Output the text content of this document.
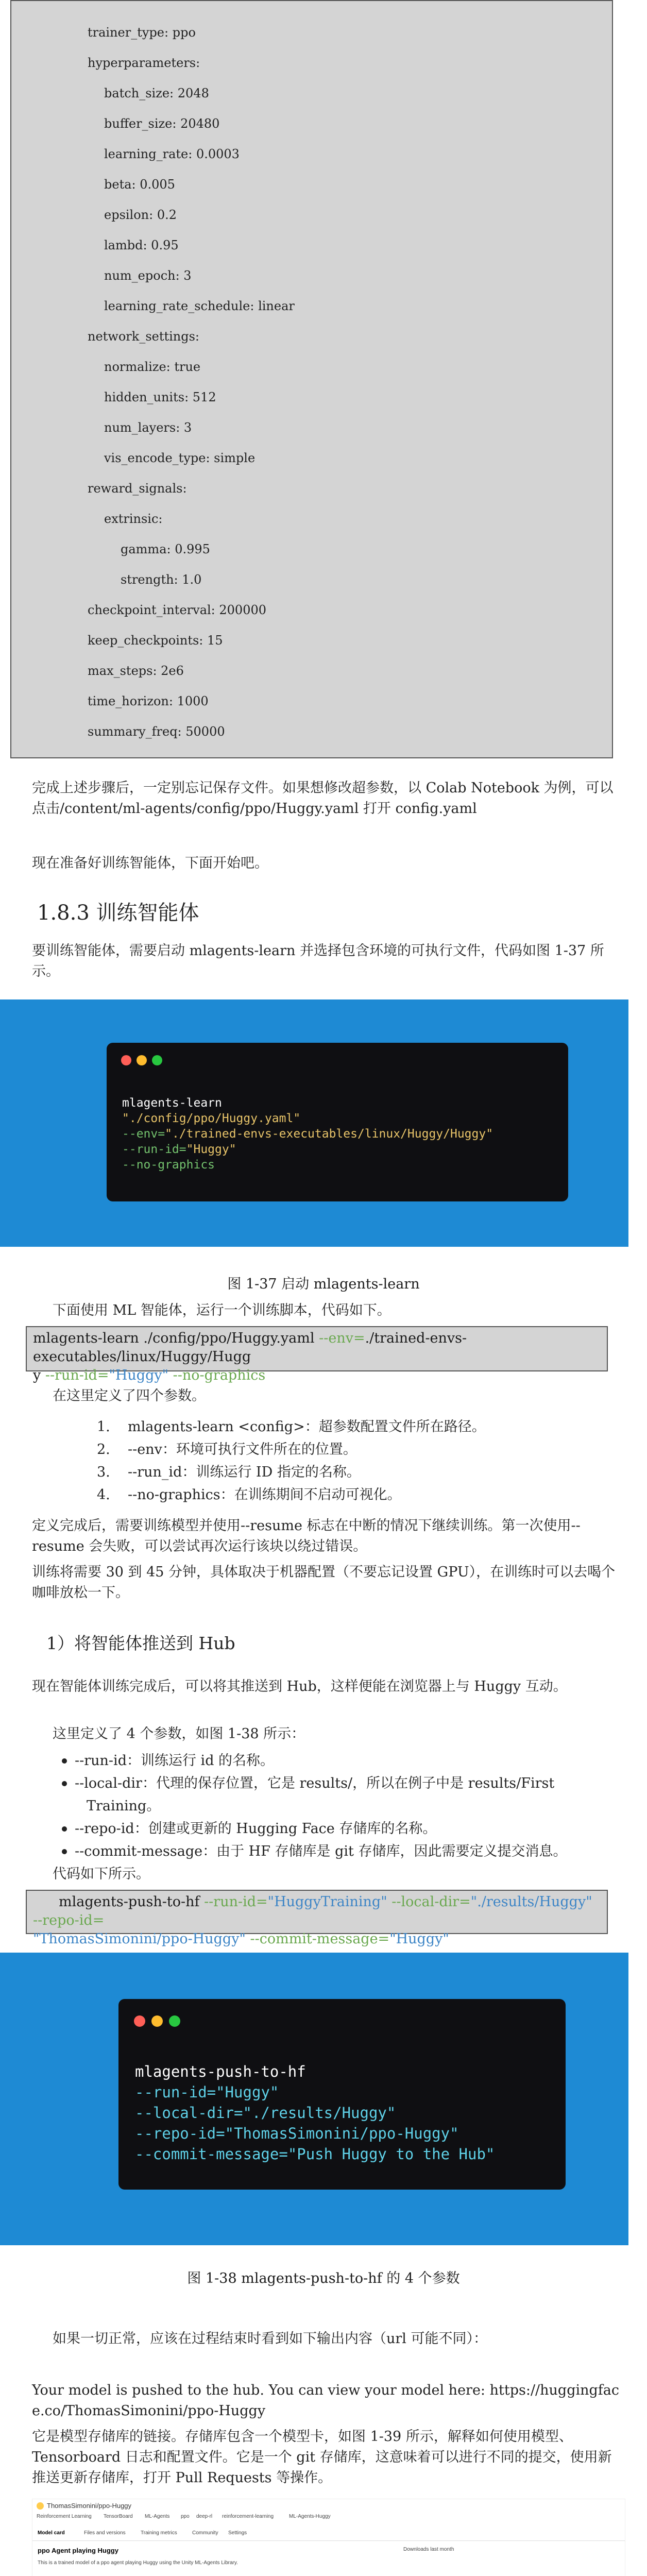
trainer_type: ppo
hyperparameters:
batch_size: 2048
buffer_size: 20480
learning_rate: 0.0003
beta: 0.005
epsilon: 0.2
lambd: 0.95
num_epoch: 3
learning_rate_schedule: linear
network_settings:
normalize: true
hidden_units: 512
num_layers: 3
vis_encode_type: simple
reward_signals:
extrinsic:
gamma: 0.995
strength: 1.0
checkpoint_interval: 200000
keep_checkpoints: 15
max_steps: 2e6
time_horizon: 1000
summary_freq: 50000
完成上述步骤后，一定别忘记保存文件。如果想修改超参数，以 Colab Notebook 为例，可以点击/content/ml-agents/config/ppo/Huggy.yaml 打开 config.yaml
现在准备好训练智能体，下面开始吧。
1.8.3 训练智能体
要训练智能体，需要启动 mlagents-learn 并选择包含环境的可执行文件，代码如图 1-37 所示。
mlagents-learn
"./config/ppo/Huggy.yaml"
--env="./trained-envs-executables/linux/Huggy/Huggy"
--run-id="Huggy"
--no-graphics
图 1-37 启动 mlagents-learn
下面使用 ML 智能体，运行一个训练脚本，代码如下。
mlagents-learn ./config/ppo/Huggy.yaml --env=./trained-envs-executables/linux/Huggy/Hugg
y --run-id="Huggy" --no-graphics
在这里定义了四个参数。
1. mlagents-learn <config>：超参数配置文件所在路径。
2. --env：环境可执行文件所在的位置。
3. --run_id：训练运行 ID 指定的名称。
4. --no-graphics：在训练期间不启动可视化。
定义完成后，需要训练模型并使用--resume 标志在中断的情况下继续训练。第一次使用--resume 会失败，可以尝试再次运行该块以绕过错误。
训练将需要 30 到 45 分钟，具体取决于机器配置（不要忘记设置 GPU），在训练时可以去喝个咖啡放松一下。
1）将智能体推送到 Hub
现在智能体训练完成后，可以将其推送到 Hub，这样便能在浏览器上与 Huggy 互动。
这里定义了 4 个参数，如图 1-38 所示：
--run-id：训练运行 id 的名称。
--local-dir：代理的保存位置，它是 results/，所以在例子中是 results/First
Training。
--repo-id：创建或更新的 Hugging Face 存储库的名称。
--commit-message：由于 HF 存储库是 git 存储库，因此需要定义提交消息。
代码如下所示。
mlagents-push-to-hf --run-id="HuggyTraining" --local-dir="./results/Huggy" --repo-id=
"ThomasSimonini/ppo-Huggy" --commit-message="Huggy"
mlagents-push-to-hf
--run-id="Huggy"
--local-dir="./results/Huggy"
--repo-id="ThomasSimonini/ppo-Huggy"
--commit-message="Push Huggy to the Hub"
图 1-38 mlagents-push-to-hf 的 4 个参数
如果一切正常，应该在过程结束时看到如下输出内容（url 可能不同）：
Your model is pushed to the hub. You can view your model here: https://huggingface.co/ThomasSimonini/ppo-Huggy
它是模型存储库的链接。存储库包含一个模型卡，如图 1-39 所示，解释如何使用模型、Tensorboard 日志和配置文件。它是一个 git 存储库，这意味着可以进行不同的提交，使用新推送更新存储库，打开 Pull Requests 等操作。
ThomasSimonini/ppo-Huggy
Reinforcement Learning TensorBoard ML-Agents ppo deep-rl reinforcement-learning	ML-Agents-Huggy
Model card	Files and versions	Training metrics	Community Settings
ppo Agent playing Huggy
This is a trained model of a ppo agent playing Huggy using the Unity ML-Agents Library.
Downloads last month
